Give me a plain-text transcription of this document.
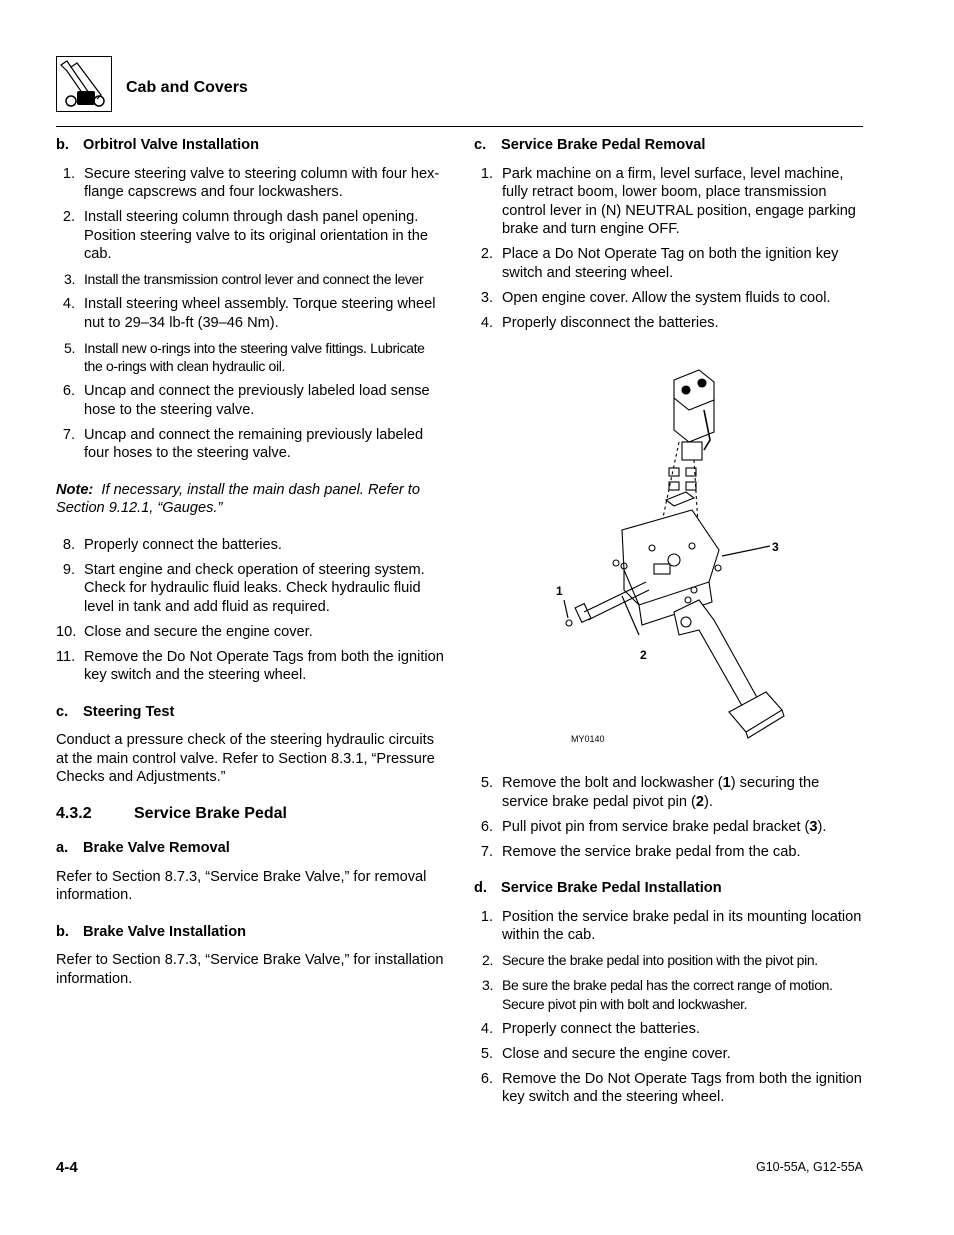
Cab and Covers
b. Orbitrol Valve Installation
1. Secure steering valve to steering column with four hex-flange capscrews and four lockwashers.
2. Install steering column through dash panel opening. Position steering valve to its original orientation in the cab.
3. Install the transmission control lever and connect the lever
4. Install steering wheel assembly. Torque steering wheel nut to 29–34 lb-ft (39–46 Nm).
5. Install new o-rings into the steering valve fittings. Lubricate the o-rings with clean hydraulic oil.
6. Uncap and connect the previously labeled load sense hose to the steering valve.
7. Uncap and connect the remaining previously labeled four hoses to the steering valve.
Note: If necessary, install the main dash panel. Refer to Section 9.12.1, “Gauges.”
8. Properly connect the batteries.
9. Start engine and check operation of steering system. Check for hydraulic fluid leaks. Check hydraulic fluid level in tank and add fluid as required.
10. Close and secure the engine cover.
11. Remove the Do Not Operate Tags from both the ignition key switch and the steering wheel.
c. Steering Test

Conduct a pressure check of the steering hydraulic circuits at the main control valve. Refer to Section 8.3.1, “Pressure Checks and Adjustments.”

4.3.2	Service Brake Pedal
a. Brake Valve Removal

Refer to Section 8.7.3, “Service Brake Valve,” for removal information.

b. Brake Valve Installation

Refer to Section 8.7.3, “Service Brake Valve,” for installation information.

c. Service Brake Pedal Removal
1. Park machine on a firm, level surface, level machine, fully retract boom, lower boom, place transmission control lever in (N) NEUTRAL position, engage parking brake and turn engine OFF.
2. Place a Do Not Operate Tag on both the ignition key switch and steering wheel.
3. Open engine cover. Allow the system fluids to cool.
4. Properly disconnect the batteries.
3
1
2
MY0140
5. Remove the bolt and lockwasher (1) securing the service brake pedal pivot pin (2).
6. Pull pivot pin from service brake pedal bracket (3).
7. Remove the service brake pedal from the cab.
d. Service Brake Pedal Installation
1. Position the service brake pedal in its mounting location within the cab.
2. Secure the brake pedal into position with the pivot pin.
3. Be sure the brake pedal has the correct range of motion. Secure pivot pin with bolt and lockwasher.
4. Properly connect the batteries.
5. Close and secure the engine cover.
6. Remove the Do Not Operate Tags from both the ignition key switch and the steering wheel.
4-4	G10-55A, G12-55A
